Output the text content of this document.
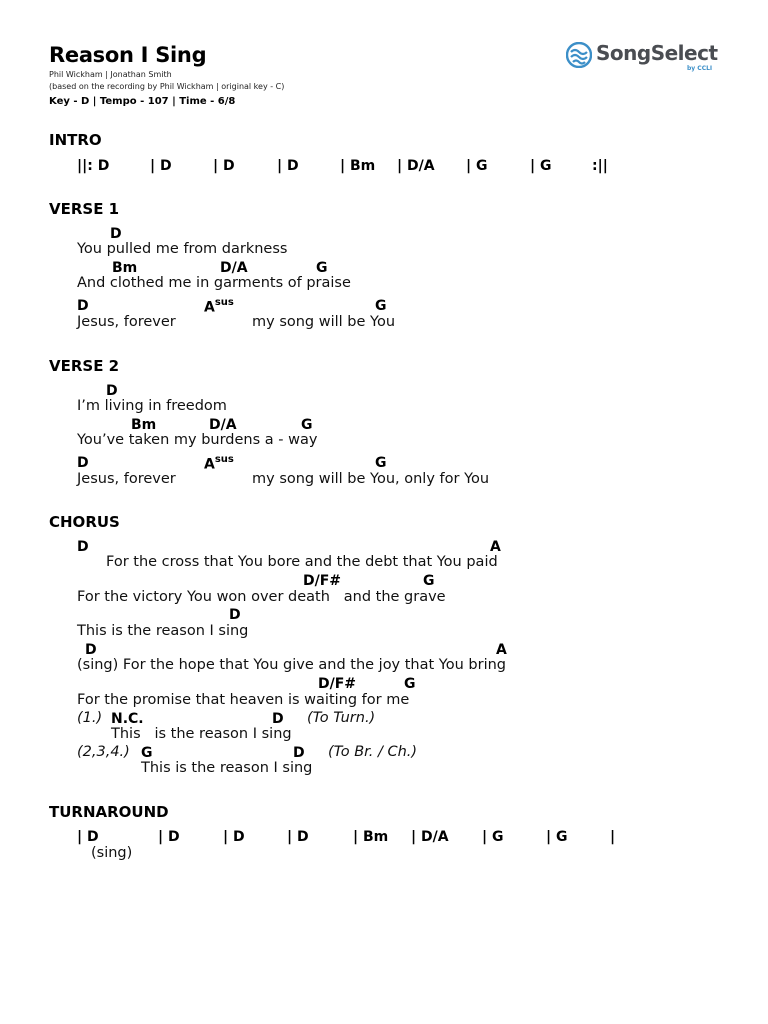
Reason I Sing
Phil Wickham | Jonathan Smith
(based on the recording by Phil Wickham | original key - C)
Key - D | Tempo - 107 | Time - 6/8
SongSelect
by CCLI
INTRO
||: D	| D	| D	| D	| Bm | D/A | G	| G	:||
VERSE 1
D
You pulled me from darkness
Bm	D/A	G
And clothed me in garments of praise
D	$A^{sus}$	G
Jesus, forever	my song will be You
VERSE 2
D
I’m living in freedom
Bm	D/A	G
You’ve taken my burdens a - way
D	$A^{sus}$	G
Jesus, forever	my song will be You, only for You
CHORUS
D	A
For the cross that You bore and the debt that You paid
D/F#	G
For the victory You won over death   and the grave
D
This is the reason I sing
D	A
(sing) For the hope that You give and the joy that You bring
D/F#	G
For the promise that heaven is waiting for me
(1.) N.C.	D (To Turn.)
This   is the reason I sing
(2,3,4.) G	D (To Br. / Ch.)
This is the reason I sing
TURNAROUND
| D	| D	| D	| D	| Bm | D/A | G	| G	|
(sing)
